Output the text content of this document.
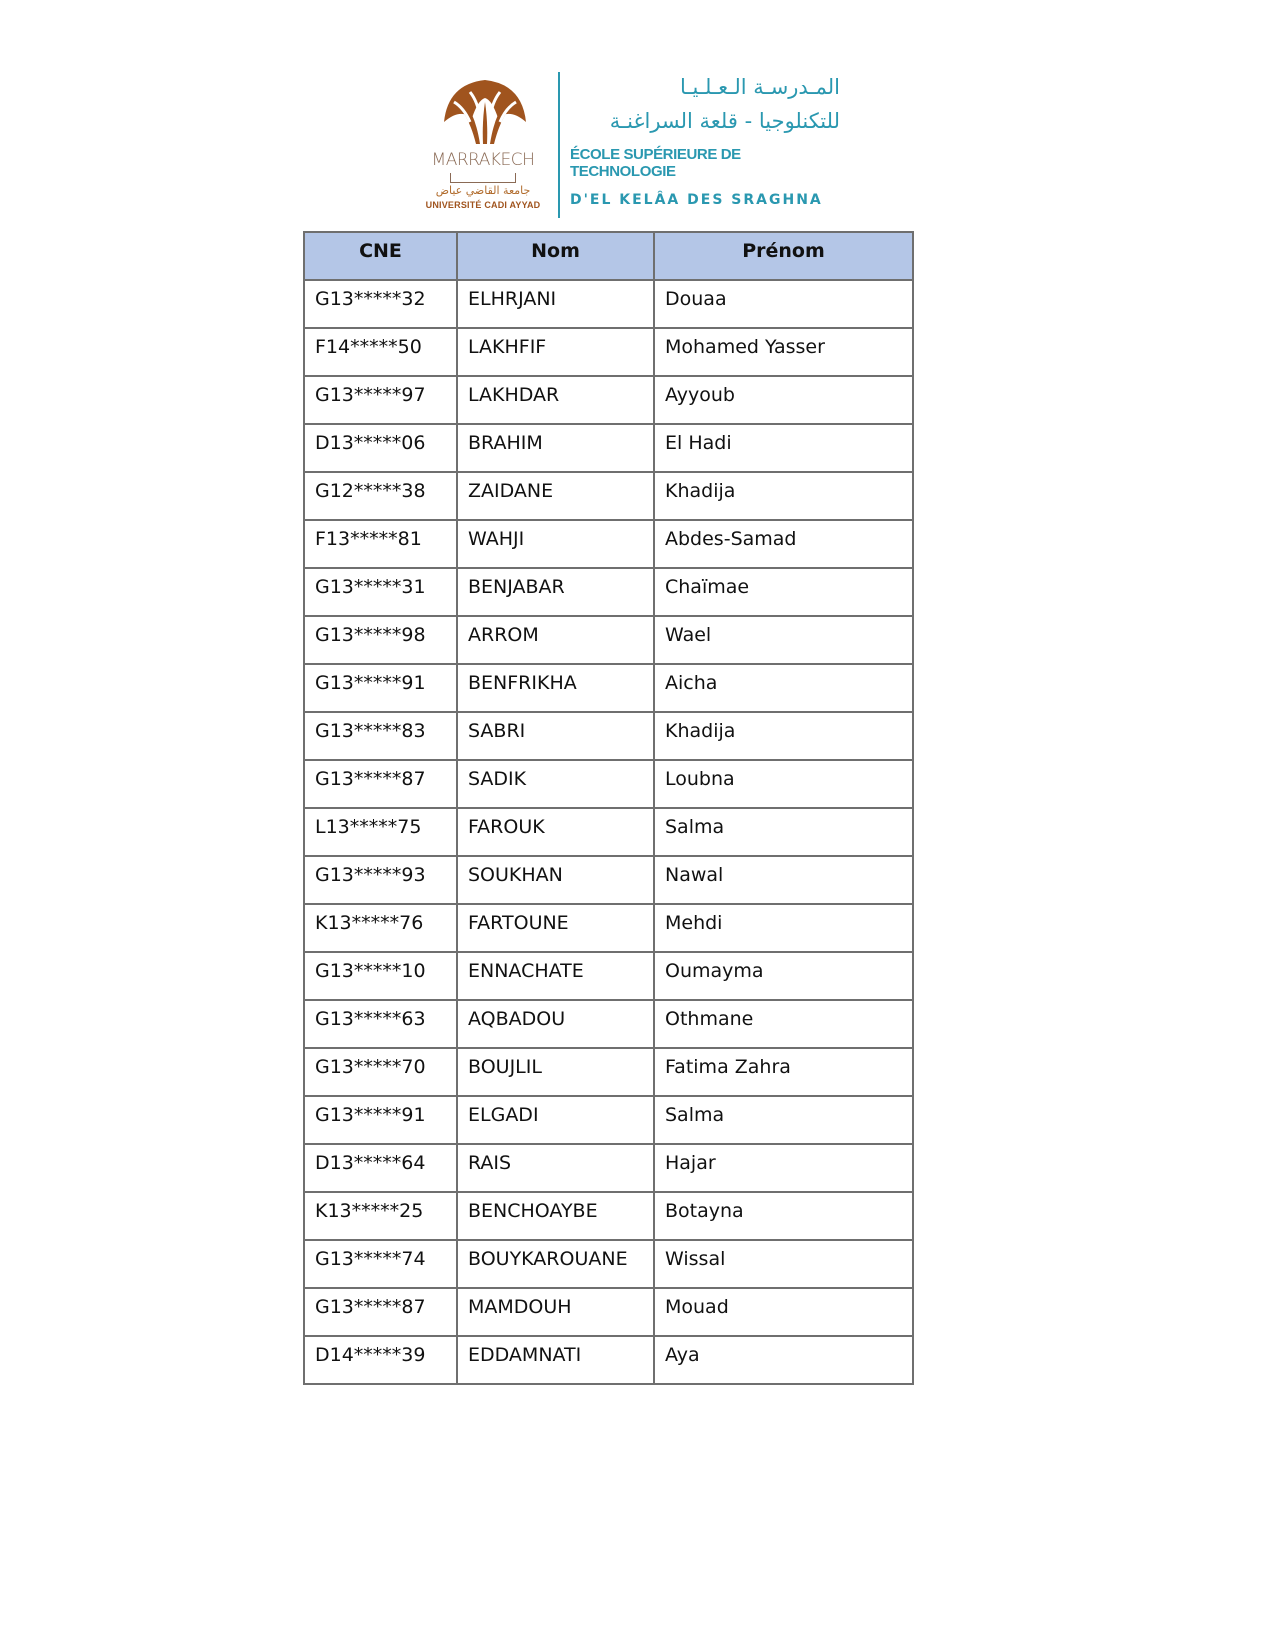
MARRAKECH
جامعة القاضي عياض
UNIVERSITÉ CADI AYYAD
المـدرسـة الـعـلـيـا
للتكنلوجيا - قلعة السراغنـة
ÉCOLE SUPÉRIEURE DE TECHNOLOGIE
D'EL KELÂA DES SRAGHNA
CNE	Nom	Prénom
G13*****32	ELHRJANI	Douaa
F14*****50	LAKHFIF	Mohamed Yasser
G13*****97	LAKHDAR	Ayyoub
D13*****06	BRAHIM	El Hadi
G12*****38	ZAIDANE	Khadija
F13*****81	WAHJI	Abdes-Samad
G13*****31	BENJABAR	Chaïmae
G13*****98	ARROM	Wael
G13*****91	BENFRIKHA	Aicha
G13*****83	SABRI	Khadija
G13*****87	SADIK	Loubna
L13*****75	FAROUK	Salma
G13*****93	SOUKHAN	Nawal
K13*****76	FARTOUNE	Mehdi
G13*****10	ENNACHATE	Oumayma
G13*****63	AQBADOU	Othmane
G13*****70	BOUJLIL	Fatima Zahra
G13*****91	ELGADI	Salma
D13*****64	RAIS	Hajar
K13*****25	BENCHOAYBE	Botayna
G13*****74	BOUYKAROUANE	Wissal
G13*****87	MAMDOUH	Mouad
D14*****39	EDDAMNATI	Aya
